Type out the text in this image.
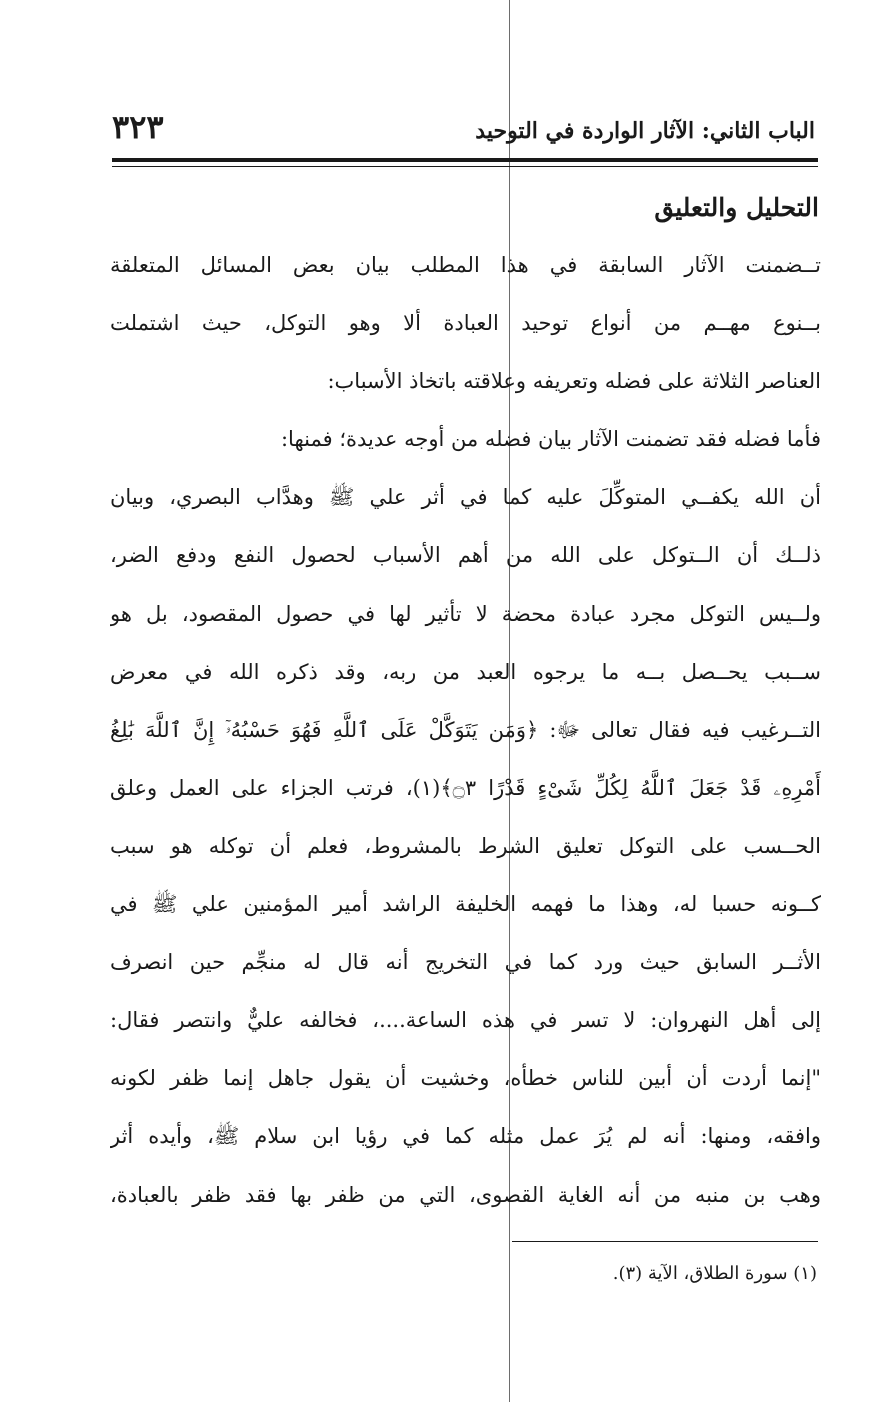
٣٢٣	الباب الثاني: الآثار الواردة في التوحيد
التحليل والتعليق
تــضمنت الآثار السابقة في هذا المطلب بيان بعض المسائل المتعلقة
بــنوع مهــم من أنواع توحيد العبادة ألا وهو التوكل، حيث اشتملت
العناصر الثلاثة على فضله وتعريفه وعلاقته باتخاذ الأسباب:
فأما فضله فقد تضمنت الآثار بيان فضله من أوجه عديدة؛ فمنها:
أن الله يكفــي المتوكِّلَ عليه كما في أثر علي ﷺ وهدَّاب البصري، وبيان
ذلــك أن الــتوكل على الله من أهم الأسباب لحصول النفع ودفع الضر،
ولــيس التوكل مجرد عبادة محضة لا تأثير لها في حصول المقصود، بل هو
ســبب يحــصل بــه ما يرجوه العبد من ربه، وقد ذكره الله في معرض
التــرغيب فيه فقال تعالى ﷻ: ﴿وَمَن يَتَوَكَّلْ عَلَى ٱللَّهِ فَهُوَ حَسْبُهُۥٓ إِنَّ ٱللَّهَ بَٰلِغُ
أَمْرِهِۦ قَدْ جَعَلَ ٱللَّهُ لِكُلِّ شَىْءٍ قَدْرًا ۝٣﴾(١)، فرتب الجزاء على العمل وعلق
الحــسب على التوكل تعليق الشرط بالمشروط، فعلم أن توكله هو سبب
كــونه حسبا له، وهذا ما فهمه الخليفة الراشد أمير المؤمنين علي ﷺ في
الأثــر السابق حيث ورد كما في التخريج أنه قال له منجِّم حين انصرف
إلى أهل النهروان: لا تسر في هذه الساعة....، فخالفه عليٌّ وانتصر فقال:
"إنما أردت أن أبين للناس خطأه، وخشيت أن يقول جاهل إنما ظفر لكونه
وافقه، ومنها: أنه لم يُرَ عمل مثله كما في رؤيا ابن سلام ﷺ، وأيده أثر
وهب بن منبه من أنه الغاية القصوى، التي من ظفر بها فقد ظفر بالعبادة،
(١) سورة الطلاق، الآية (٣).
